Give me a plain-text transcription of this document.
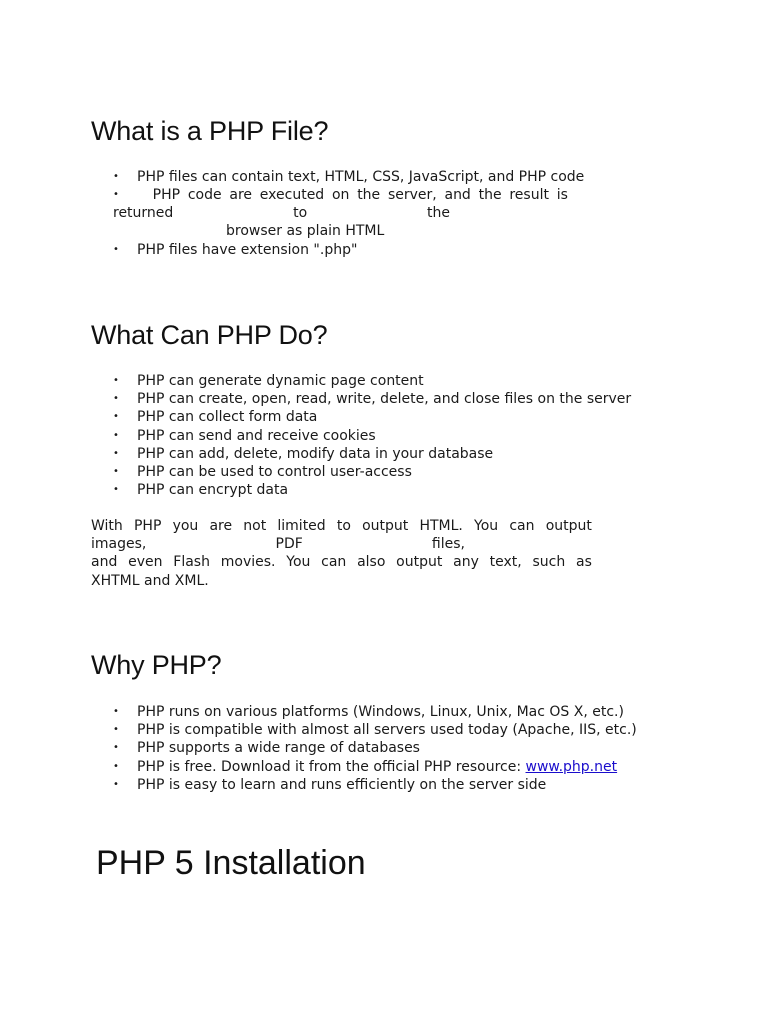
What is a PHP File?
• PHP files can contain text, HTML, CSS, JavaScript, and PHP code
• PHP code are executed on the server, and the result is
returned	to	the
browser as plain HTML
• PHP files have extension ".php"
What Can PHP Do?
• PHP can generate dynamic page content
• PHP can create, open, read, write, delete, and close files on the server
• PHP can collect form data
• PHP can send and receive cookies
• PHP can add, delete, modify data in your database
• PHP can be used to control user-access
• PHP can encrypt data
With PHP you are not limited to output HTML. You can output
images,	PDF	files,
and even Flash movies. You can also output any text, such as
XHTML and XML.
Why PHP?
• PHP runs on various platforms (Windows, Linux, Unix, Mac OS X, etc.)
• PHP is compatible with almost all servers used today (Apache, IIS, etc.)
• PHP supports a wide range of databases
• PHP is free. Download it from the official PHP resource: www.php.net
• PHP is easy to learn and runs efficiently on the server side
PHP 5 Installation
